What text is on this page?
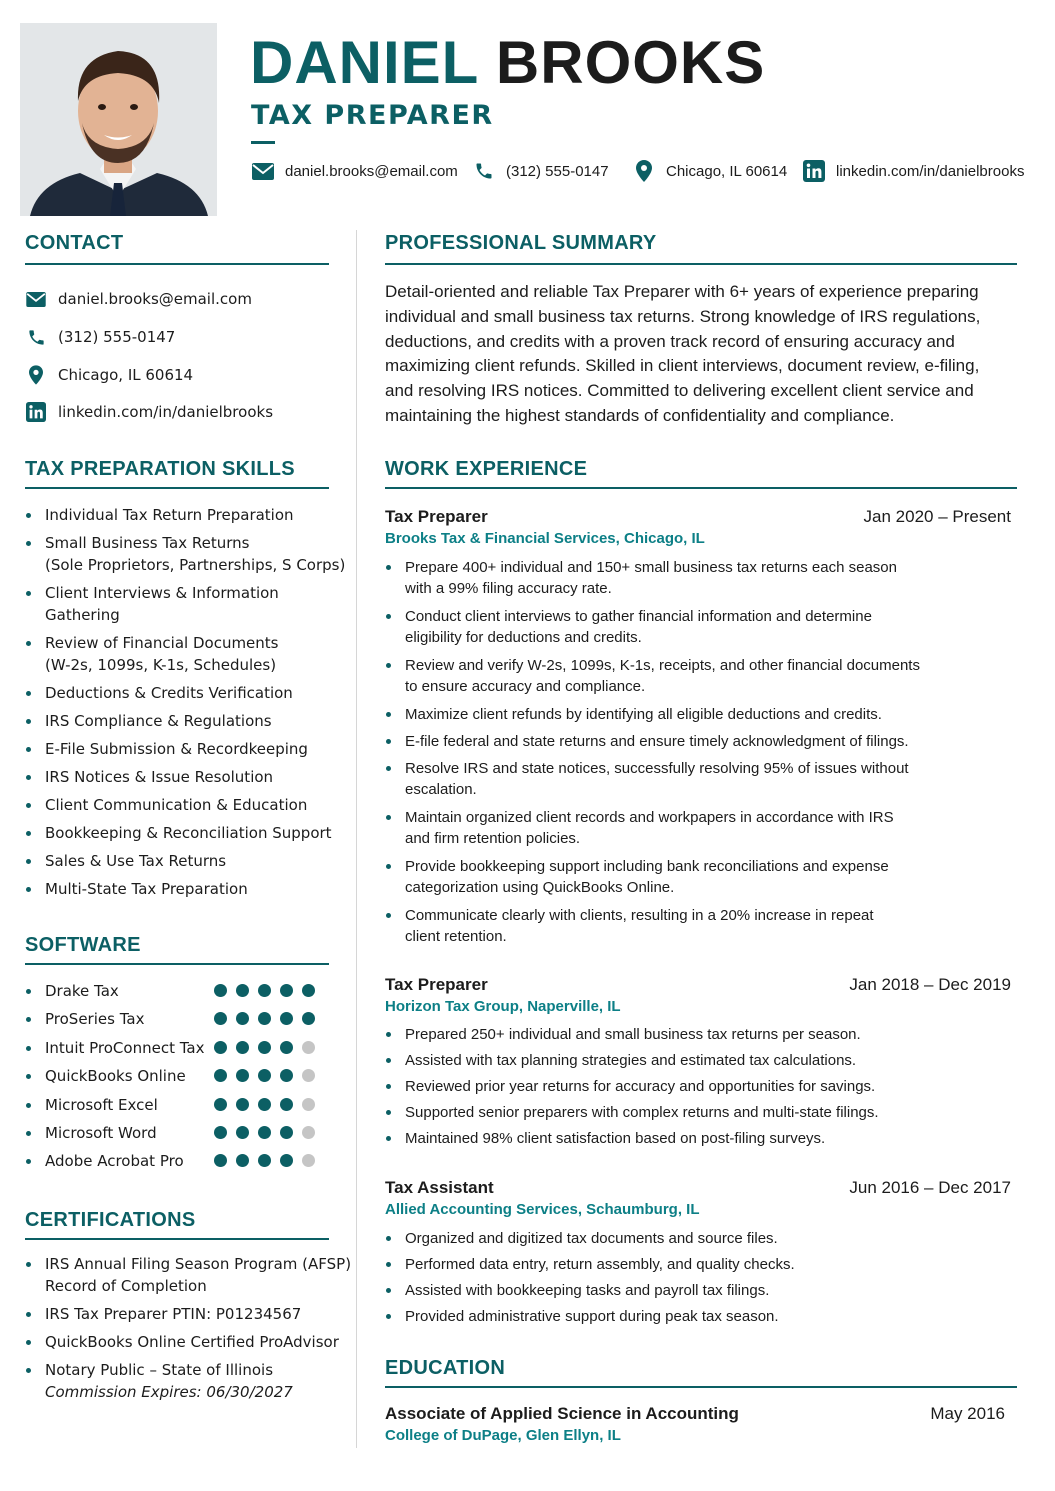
DANIEL BROOKS
TAX PREPARER
daniel.brooks@email.com	(312) 555-0147	Chicago, IL 60614	linkedin.com/in/danielbrooks
CONTACT
daniel.brooks@email.com
(312) 555-0147
Chicago, IL 60614
linkedin.com/in/danielbrooks
TAX PREPARATION SKILLS
Individual Tax Return Preparation
Small Business Tax Returns
(Sole Proprietors, Partnerships, S Corps)
Client Interviews & Information
Gathering
Review of Financial Documents
(W-2s, 1099s, K-1s, Schedules)
Deductions & Credits Verification
IRS Compliance & Regulations
E-File Submission & Recordkeeping
IRS Notices & Issue Resolution
Client Communication & Education
Bookkeeping & Reconciliation Support
Sales & Use Tax Returns
Multi-State Tax Preparation
SOFTWARE
Drake Tax
ProSeries Tax
Intuit ProConnect Tax
QuickBooks Online
Microsoft Excel
Microsoft Word
Adobe Acrobat Pro
CERTIFICATIONS
IRS Annual Filing Season Program (AFSP)
Record of Completion
IRS Tax Preparer PTIN: P01234567
QuickBooks Online Certified ProAdvisor
Notary Public – State of Illinois
Commission Expires: 06/30/2027
PROFESSIONAL SUMMARY
Detail-oriented and reliable Tax Preparer with 6+ years of experience preparing individual and small business tax returns. Strong knowledge of IRS regulations, deductions, and credits with a proven track record of ensuring accuracy and maximizing client refunds. Skilled in client interviews, document review, e-filing, and resolving IRS notices. Committed to delivering excellent client service and maintaining the highest standards of confidentiality and compliance.
WORK EXPERIENCE
Tax Preparer	Jan 2020 – Present
Brooks Tax & Financial Services, Chicago, IL
Prepare 400+ individual and 150+ small business tax returns each season
with a 99% filing accuracy rate.
Conduct client interviews to gather financial information and determine
eligibility for deductions and credits.
Review and verify W-2s, 1099s, K-1s, receipts, and other financial documents
to ensure accuracy and compliance.
Maximize client refunds by identifying all eligible deductions and credits.
E-file federal and state returns and ensure timely acknowledgment of filings.
Resolve IRS and state notices, successfully resolving 95% of issues without
escalation.
Maintain organized client records and workpapers in accordance with IRS
and firm retention policies.
Provide bookkeeping support including bank reconciliations and expense
categorization using QuickBooks Online.
Communicate clearly with clients, resulting in a 20% increase in repeat
client retention.
Tax Preparer	Jan 2018 – Dec 2019
Horizon Tax Group, Naperville, IL
Prepared 250+ individual and small business tax returns per season.
Assisted with tax planning strategies and estimated tax calculations.
Reviewed prior year returns for accuracy and opportunities for savings.
Supported senior preparers with complex returns and multi-state filings.
Maintained 98% client satisfaction based on post-filing surveys.
Tax Assistant	Jun 2016 – Dec 2017
Allied Accounting Services, Schaumburg, IL
Organized and digitized tax documents and source files.
Performed data entry, return assembly, and quality checks.
Assisted with bookkeeping tasks and payroll tax filings.
Provided administrative support during peak tax season.
EDUCATION
Associate of Applied Science in Accounting	May 2016
College of DuPage, Glen Ellyn, IL
